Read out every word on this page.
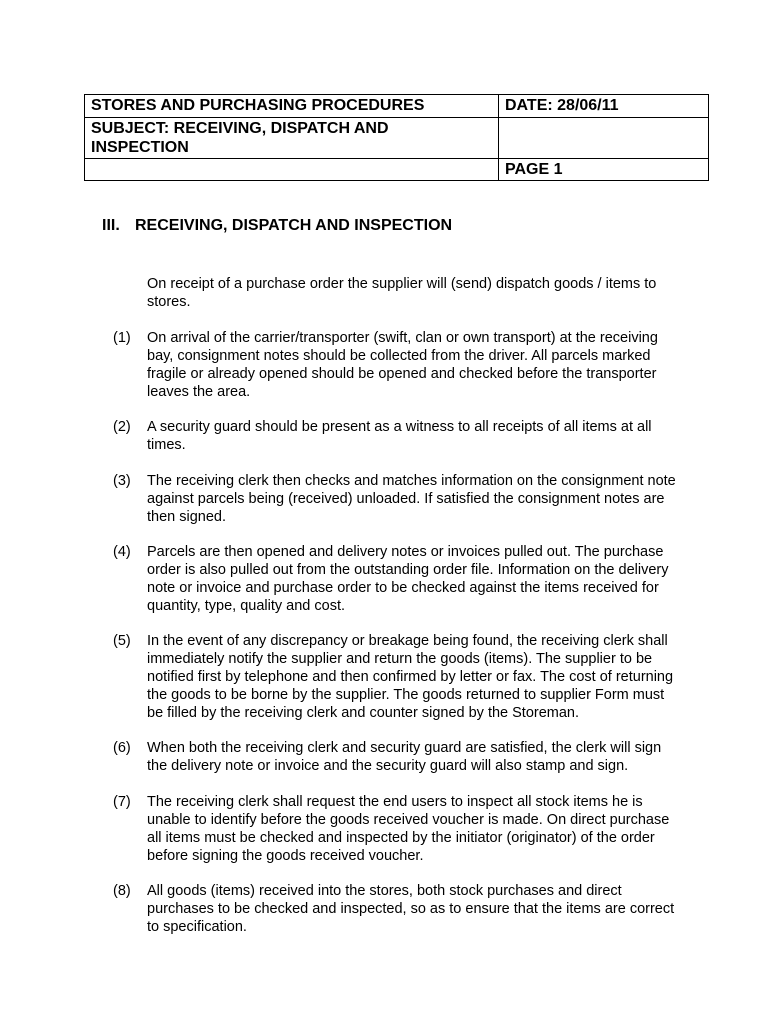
STORES AND PURCHASING PROCEDURES	DATE: 28/06/11
SUBJECT: RECEIVING, DISPATCH AND
INSPECTION	
	PAGE 1
III. RECEIVING, DISPATCH AND INSPECTION
On receipt of a purchase order the supplier will (send) dispatch goods / items to
stores.
(1) On arrival of the carrier/transporter (swift, clan or own transport) at the receiving
bay, consignment notes should be collected from the driver. All parcels marked
fragile or already opened should be opened and checked before the transporter
leaves the area.
(2) A security guard should be present as a witness to all receipts of all items at all
times.
(3) The receiving clerk then checks and matches information on the consignment note
against parcels being (received) unloaded. If satisfied the consignment notes are
then signed.
(4) Parcels are then opened and delivery notes or invoices pulled out. The purchase
order is also pulled out from the outstanding order file. Information on the delivery
note or invoice and purchase order to be checked against the items received for
quantity, type, quality and cost.
(5) In the event of any discrepancy or breakage being found, the receiving clerk shall
immediately notify the supplier and return the goods (items). The supplier to be
notified first by telephone and then confirmed by letter or fax. The cost of returning
the goods to be borne by the supplier. The goods returned to supplier Form must
be filled by the receiving clerk and counter signed by the Storeman.
(6) When both the receiving clerk and security guard are satisfied, the clerk will sign
the delivery note or invoice and the security guard will also stamp and sign.
(7) The receiving clerk shall request the end users to inspect all stock items he is
unable to identify before the goods received voucher is made. On direct purchase
all items must be checked and inspected by the initiator (originator) of the order
before signing the goods received voucher.
(8) All goods (items) received into the stores, both stock purchases and direct
purchases to be checked and inspected, so as to ensure that the items are correct
to specification.
